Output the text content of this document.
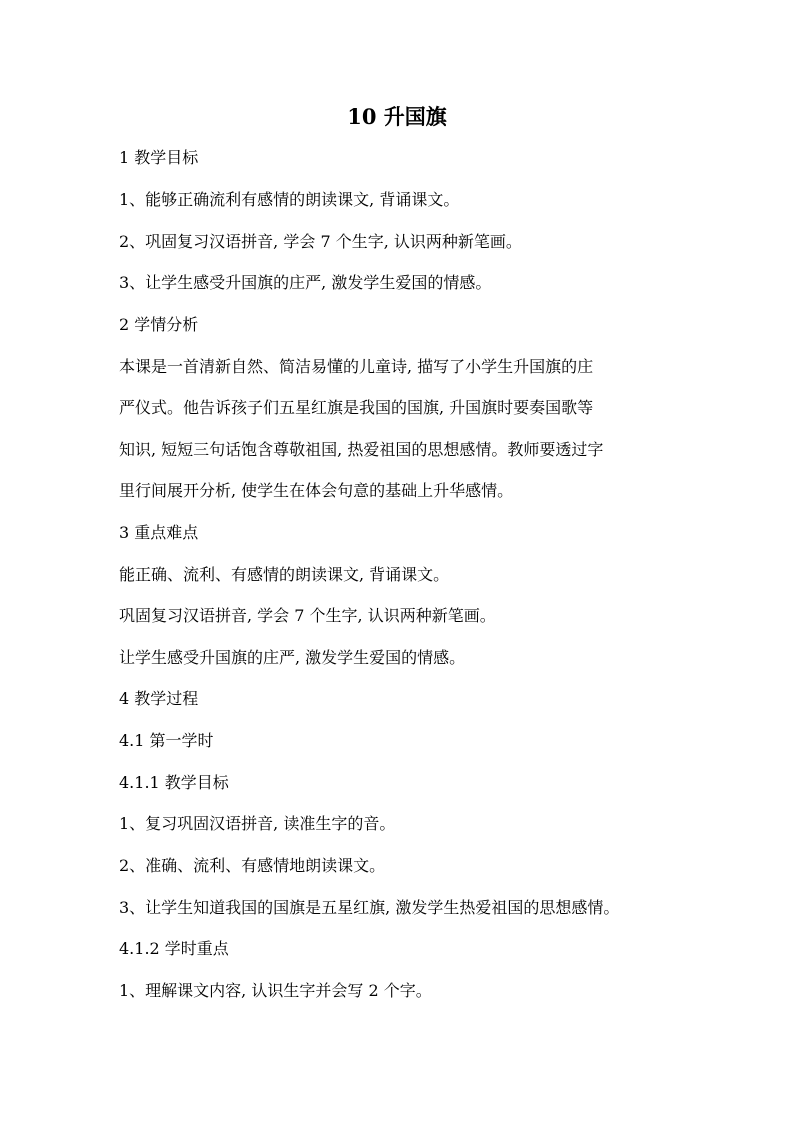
10 升国旗
1 教学目标
1、能够正确流利有感情的朗读课文, 背诵课文。
2、巩固复习汉语拼音, 学会 7 个生字, 认识两种新笔画。
3、让学生感受升国旗的庄严, 激发学生爱国的情感。
2 学情分析
本课是一首清新自然、简洁易懂的儿童诗, 描写了小学生升国旗的庄
严仪式。他告诉孩子们五星红旗是我国的国旗, 升国旗时要奏国歌等
知识, 短短三句话饱含尊敬祖国, 热爱祖国的思想感情。教师要透过字
里行间展开分析, 使学生在体会句意的基础上升华感情。
3 重点难点
能正确、流利、有感情的朗读课文, 背诵课文。
巩固复习汉语拼音, 学会 7 个生字, 认识两种新笔画。
让学生感受升国旗的庄严, 激发学生爱国的情感。
4 教学过程
4.1 第一学时
4.1.1 教学目标
1、复习巩固汉语拼音, 读准生字的音。
2、准确、流利、有感情地朗读课文。
3、让学生知道我国的国旗是五星红旗, 激发学生热爱祖国的思想感情。
4.1.2 学时重点
1、理解课文内容, 认识生字并会写 2 个字。
